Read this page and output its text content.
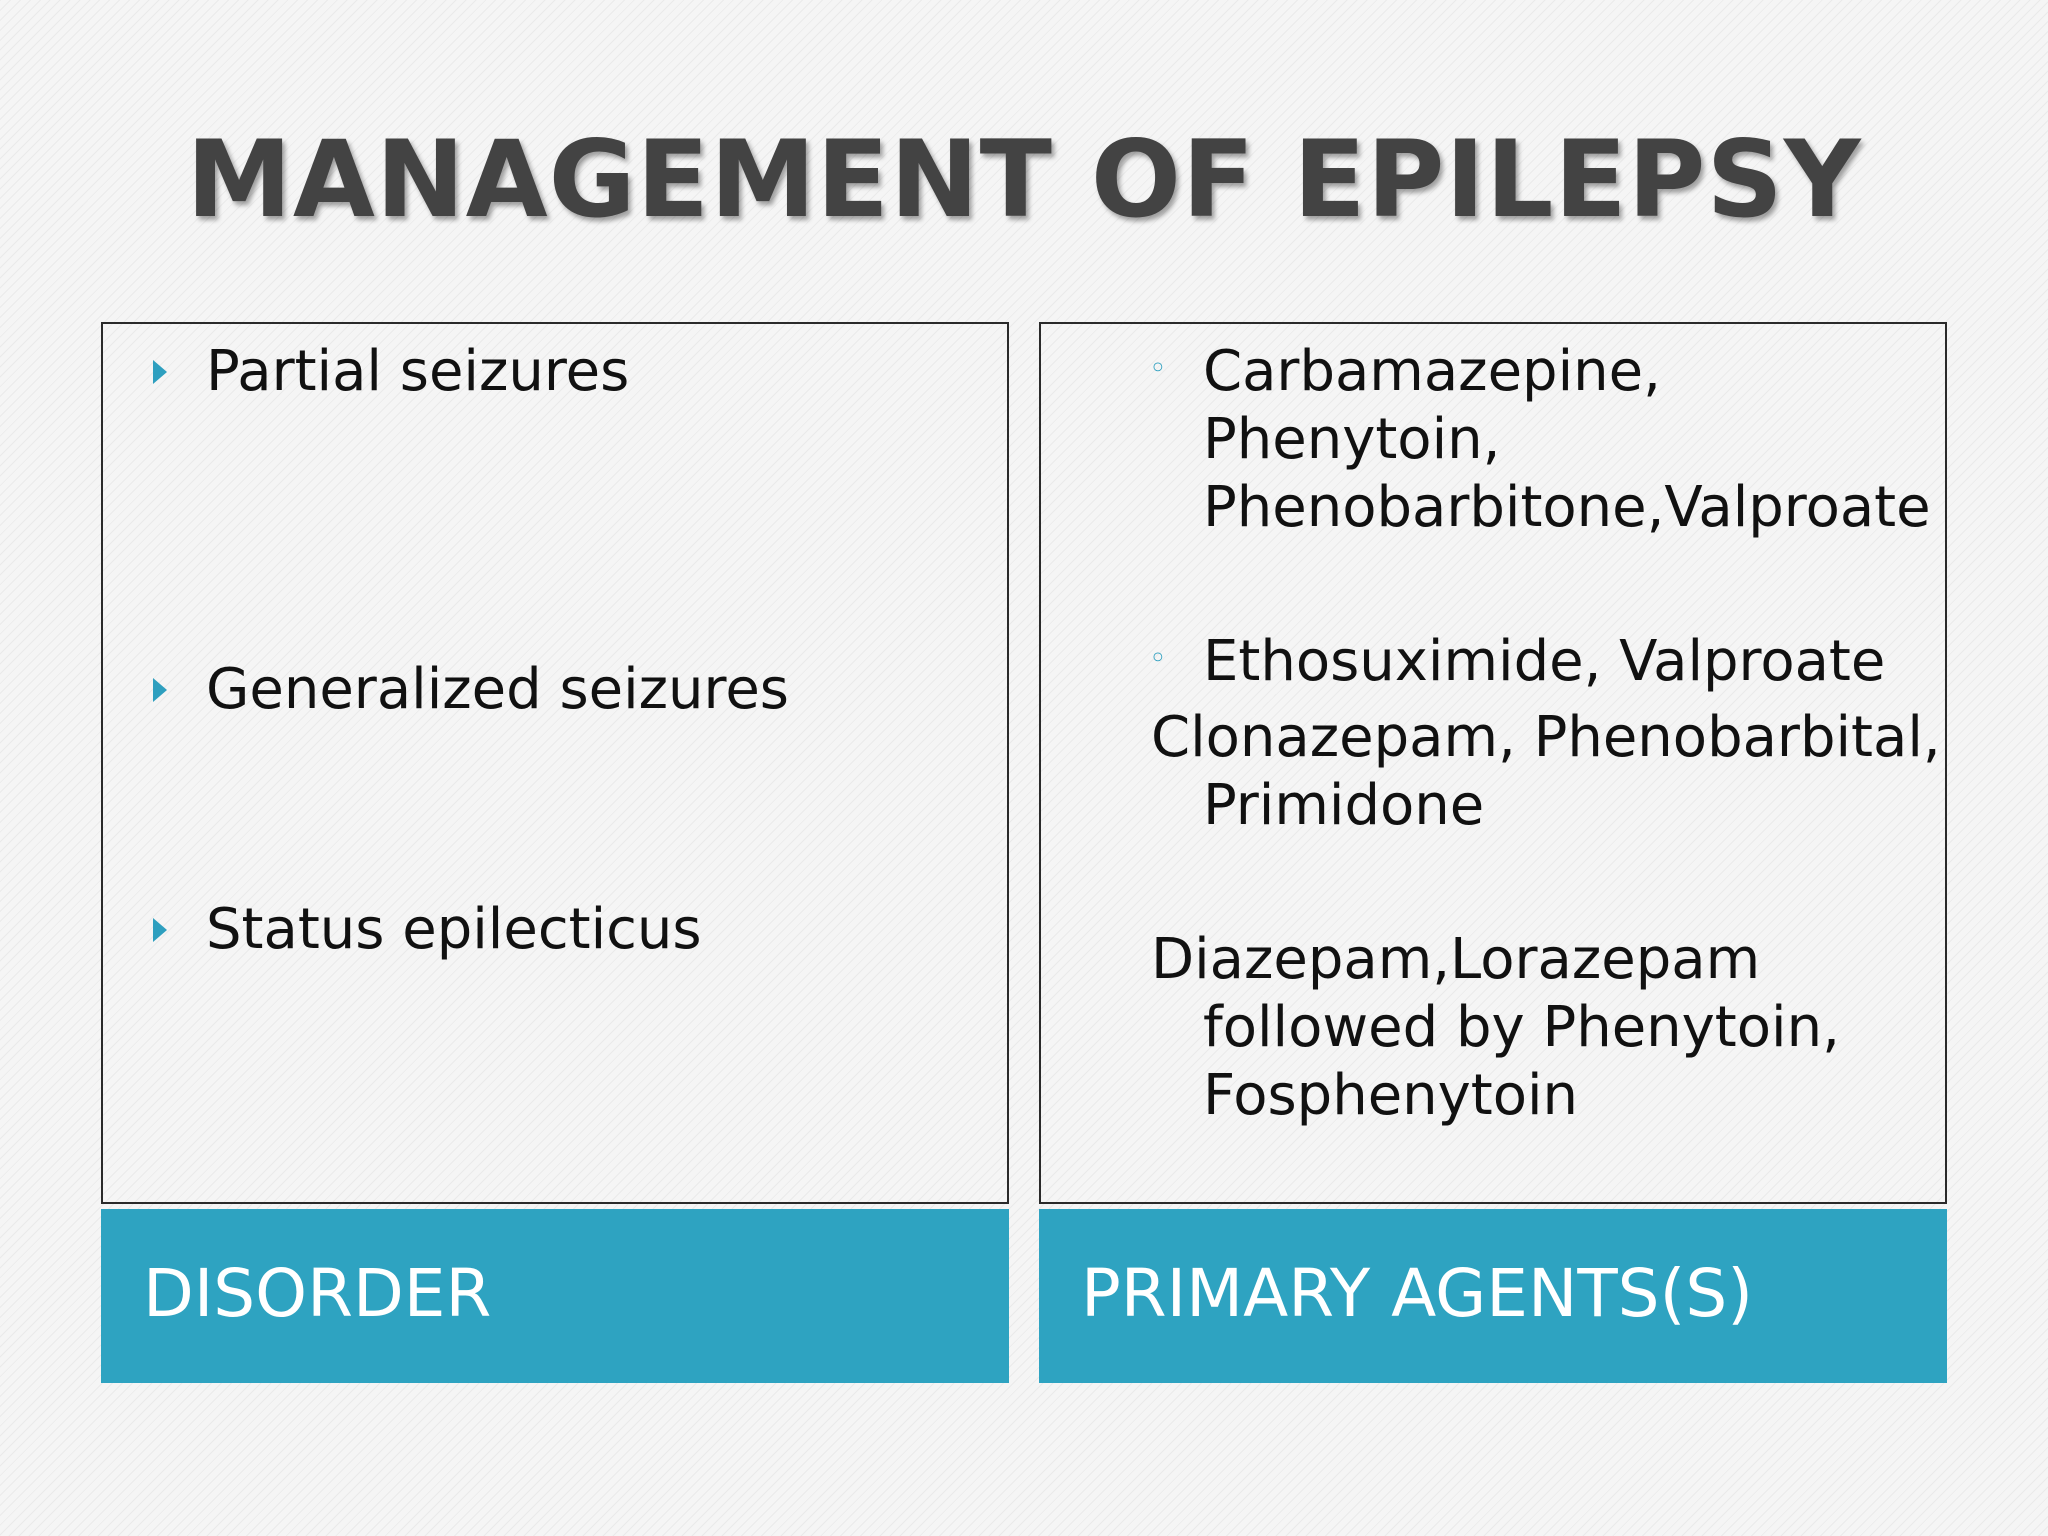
MANAGEMENT OF EPILEPSY
Partial seizures
Generalized seizures
Status epilecticus
◦ Carbamazepine,
Phenytoin,
Phenobarbitone,Valproate
◦ Ethosuximide, Valproate
Clonazepam, Phenobarbital,
Primidone
Diazepam,Lorazepam
followed by Phenytoin,
Fosphenytoin
DISORDER	PRIMARY AGENTS(S)
